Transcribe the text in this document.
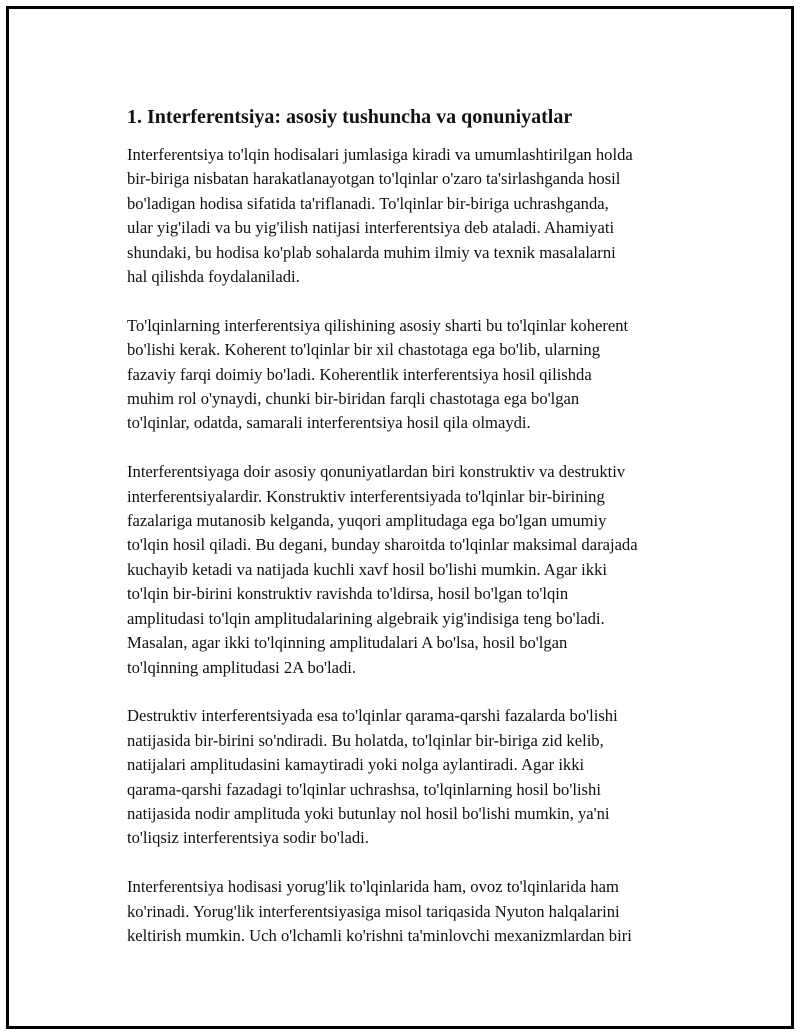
1. Interferentsiya: asosiy tushuncha va qonuniyatlar

Interferentsiya to'lqin hodisalari jumlasiga kiradi va umumlashtirilgan holda
bir-biriga nisbatan harakatlanayotgan to'lqinlar o'zaro ta'sirlashganda hosil
bo'ladigan hodisa sifatida ta'riflanadi. To'lqinlar bir-biriga uchrashganda,
ular yig'iladi va bu yig'ilish natijasi interferentsiya deb ataladi. Ahamiyati
shundaki, bu hodisa ko'plab sohalarda muhim ilmiy va texnik masalalarni
hal qilishda foydalaniladi.

To'lqinlarning interferentsiya qilishining asosiy sharti bu to'lqinlar koherent
bo'lishi kerak. Koherent to'lqinlar bir xil chastotaga ega bo'lib, ularning
fazaviy farqi doimiy bo'ladi. Koherentlik interferentsiya hosil qilishda
muhim rol o'ynaydi, chunki bir-biridan farqli chastotaga ega bo'lgan
to'lqinlar, odatda, samarali interferentsiya hosil qila olmaydi.

Interferentsiyaga doir asosiy qonuniyatlardan biri konstruktiv va destruktiv
interferentsiyalardir. Konstruktiv interferentsiyada to'lqinlar bir-birining
fazalariga mutanosib kelganda, yuqori amplitudaga ega bo'lgan umumiy
to'lqin hosil qiladi. Bu degani, bunday sharoitda to'lqinlar maksimal darajada
kuchayib ketadi va natijada kuchli xavf hosil bo'lishi mumkin. Agar ikki
to'lqin bir-birini konstruktiv ravishda to'ldirsa, hosil bo'lgan to'lqin
amplitudasi to'lqin amplitudalarining algebraik yig'indisiga teng bo'ladi.
Masalan, agar ikki to'lqinning amplitudalari A bo'lsa, hosil bo'lgan
to'lqinning amplitudasi 2A bo'ladi.

Destruktiv interferentsiyada esa to'lqinlar qarama-qarshi fazalarda bo'lishi
natijasida bir-birini so'ndiradi. Bu holatda, to'lqinlar bir-biriga zid kelib,
natijalari amplitudasini kamaytiradi yoki nolga aylantiradi. Agar ikki
qarama-qarshi fazadagi to'lqinlar uchrashsa, to'lqinlarning hosil bo'lishi
natijasida nodir amplituda yoki butunlay nol hosil bo'lishi mumkin, ya'ni
to'liqsiz interferentsiya sodir bo'ladi.

Interferentsiya hodisasi yorug'lik to'lqinlarida ham, ovoz to'lqinlarida ham
ko'rinadi. Yorug'lik interferentsiyasiga misol tariqasida Nyuton halqalarini
keltirish mumkin. Uch o'lchamli ko'rishni ta'minlovchi mexanizmlardan biri
